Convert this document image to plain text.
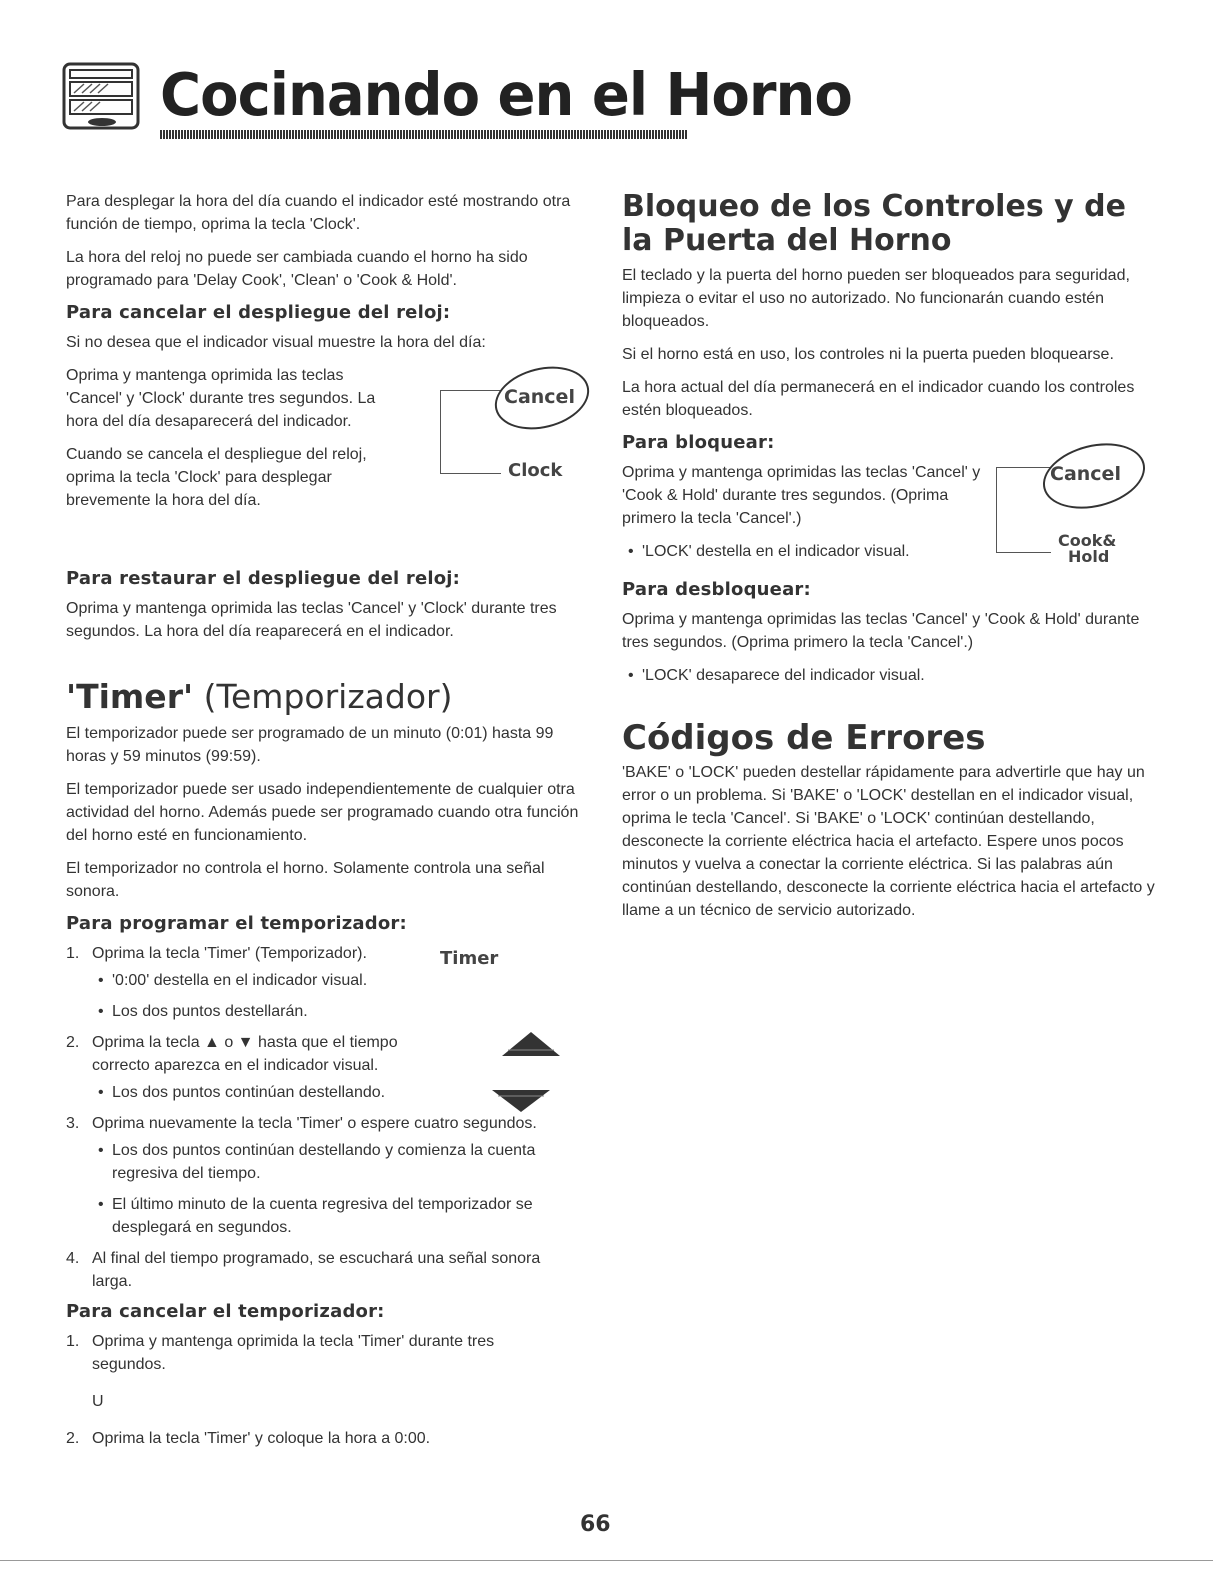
Cocinando en el Horno

Para desplegar la hora del día cuando el indicador esté mostrando otra función de tiempo, oprima la tecla 'Clock'.

La hora del reloj no puede ser cambiada cuando el horno ha sido programado para 'Delay Cook', 'Clean' o 'Cook & Hold'.

Para cancelar el despliegue del reloj:

Si no desea que el indicador visual muestre la hora del día:

Oprima y mantenga oprimida las teclas 'Cancel' y 'Clock' durante tres segundos. La hora del día desaparecerá del indicador.

Cuando se cancela el despliegue del reloj, oprima la tecla 'Clock' para desplegar brevemente la hora del día.

Cancel
Clock
Para restaurar el despliegue del reloj:

Oprima y mantenga oprimida las teclas 'Cancel' y 'Clock' durante tres segundos. La hora del día reaparecerá en el indicador.

'Timer' (Temporizador)

El temporizador puede ser programado de un minuto (0:01) hasta 99 horas y 59 minutos (99:59).

El temporizador puede ser usado independientemente de cualquier otra actividad del horno. Además puede ser programado cuando otra función del horno esté en funcionamiento.

El temporizador no controla el horno. Solamente controla una señal sonora.

Para programar el temporizador:
Timer
1. Oprima la tecla 'Timer' (Temporizador).
• '0:00' destella en el indicador visual.
• Los dos puntos destellarán.
2. Oprima la tecla ▲ o ▼ hasta que el tiempo correcto aparezca en el indicador visual.
• Los dos puntos continúan destellando.
3. Oprima nuevamente la tecla 'Timer' o espere cuatro segundos.
• Los dos puntos continúan destellando y comienza la cuenta regresiva del tiempo.
• El último minuto de la cuenta regresiva del temporizador se desplegará en segundos.
4. Al final del tiempo programado, se escuchará una señal sonora larga.
Para cancelar el temporizador:
1. Oprima y mantenga oprimida la tecla 'Timer' durante tres segundos.
U
2. Oprima la tecla 'Timer' y coloque la hora a 0:00.
Bloqueo de los Controles y de la Puerta del Horno

El teclado y la puerta del horno pueden ser bloqueados para seguridad, limpieza o evitar el uso no autorizado. No funcionarán cuando estén bloqueados.

Si el horno está en uso, los controles ni la puerta pueden bloquearse.

La hora actual del día permanecerá en el indicador cuando los controles estén bloqueados.

Para bloquear:

Oprima y mantenga oprimidas las teclas 'Cancel' y 'Cook & Hold' durante tres segundos. (Oprima primero la tecla 'Cancel'.)

• 'LOCK' destella en el indicador visual.
Cancel
Cook&
Hold
Para desbloquear:

Oprima y mantenga oprimidas las teclas 'Cancel' y 'Cook & Hold' durante tres segundos. (Oprima primero la tecla 'Cancel'.)

• 'LOCK' desaparece del indicador visual.
Códigos de Errores

'BAKE' o 'LOCK' pueden destellar rápidamente para advertirle que hay un error o un problema. Si 'BAKE' o 'LOCK' destellan en el indicador visual, oprima le tecla 'Cancel'. Si 'BAKE' o 'LOCK' continúan destellando, desconecte la corriente eléctrica hacia el artefacto. Espere unos pocos minutos y vuelva a conectar la corriente eléctrica. Si las palabras aún continúan destellando, desconecte la corriente eléctrica hacia el artefacto y llame a un técnico de servicio autorizado.

66
